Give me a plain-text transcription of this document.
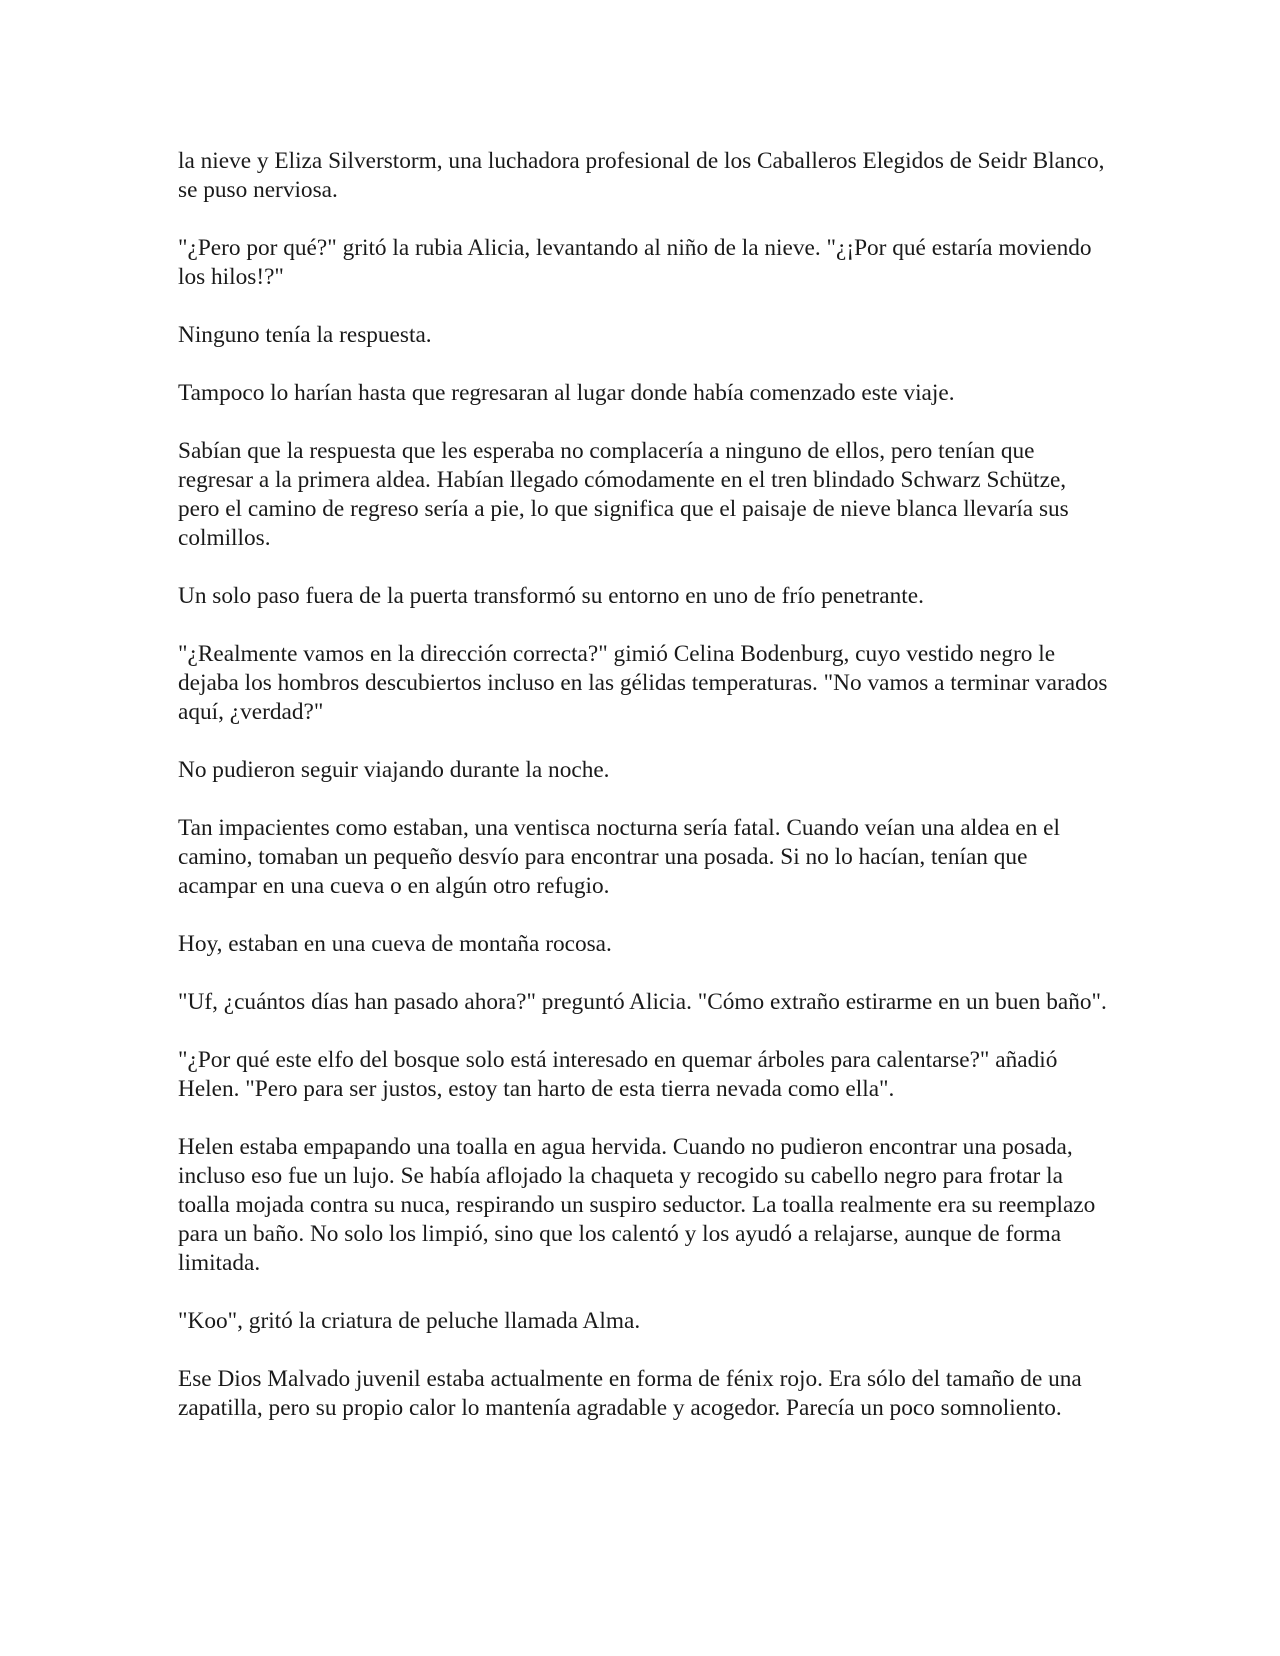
la nieve y Eliza Silverstorm, una luchadora profesional de los Caballeros Elegidos de Seidr Blanco, se puso nerviosa.

"¿Pero por qué?" gritó la rubia Alicia, levantando al niño de la nieve. "¿¡Por qué estaría moviendo los hilos!?"

Ninguno tenía la respuesta.

Tampoco lo harían hasta que regresaran al lugar donde había comenzado este viaje.

Sabían que la respuesta que les esperaba no complacería a ninguno de ellos, pero tenían que regresar a la primera aldea. Habían llegado cómodamente en el tren blindado Schwarz Schütze, pero el camino de regreso sería a pie, lo que significa que el paisaje de nieve blanca llevaría sus colmillos.

Un solo paso fuera de la puerta transformó su entorno en uno de frío penetrante.

"¿Realmente vamos en la dirección correcta?" gimió Celina Bodenburg, cuyo vestido negro le dejaba los hombros descubiertos incluso en las gélidas temperaturas. "No vamos a terminar varados aquí, ¿verdad?"

No pudieron seguir viajando durante la noche.

Tan impacientes como estaban, una ventisca nocturna sería fatal. Cuando veían una aldea en el camino, tomaban un pequeño desvío para encontrar una posada. Si no lo hacían, tenían que acampar en una cueva o en algún otro refugio.

Hoy, estaban en una cueva de montaña rocosa.

"Uf, ¿cuántos días han pasado ahora?" preguntó Alicia. "Cómo extraño estirarme en un buen baño".

"¿Por qué este elfo del bosque solo está interesado en quemar árboles para calentarse?" añadió Helen. "Pero para ser justos, estoy tan harto de esta tierra nevada como ella".

Helen estaba empapando una toalla en agua hervida. Cuando no pudieron encontrar una posada, incluso eso fue un lujo. Se había aflojado la chaqueta y recogido su cabello negro para frotar la toalla mojada contra su nuca, respirando un suspiro seductor. La toalla realmente era su reemplazo para un baño. No solo los limpió, sino que los calentó y los ayudó a relajarse, aunque de forma limitada.

"Koo", gritó la criatura de peluche llamada Alma.

Ese Dios Malvado juvenil estaba actualmente en forma de fénix rojo. Era sólo del tamaño de una zapatilla, pero su propio calor lo mantenía agradable y acogedor. Parecía un poco somnoliento.
